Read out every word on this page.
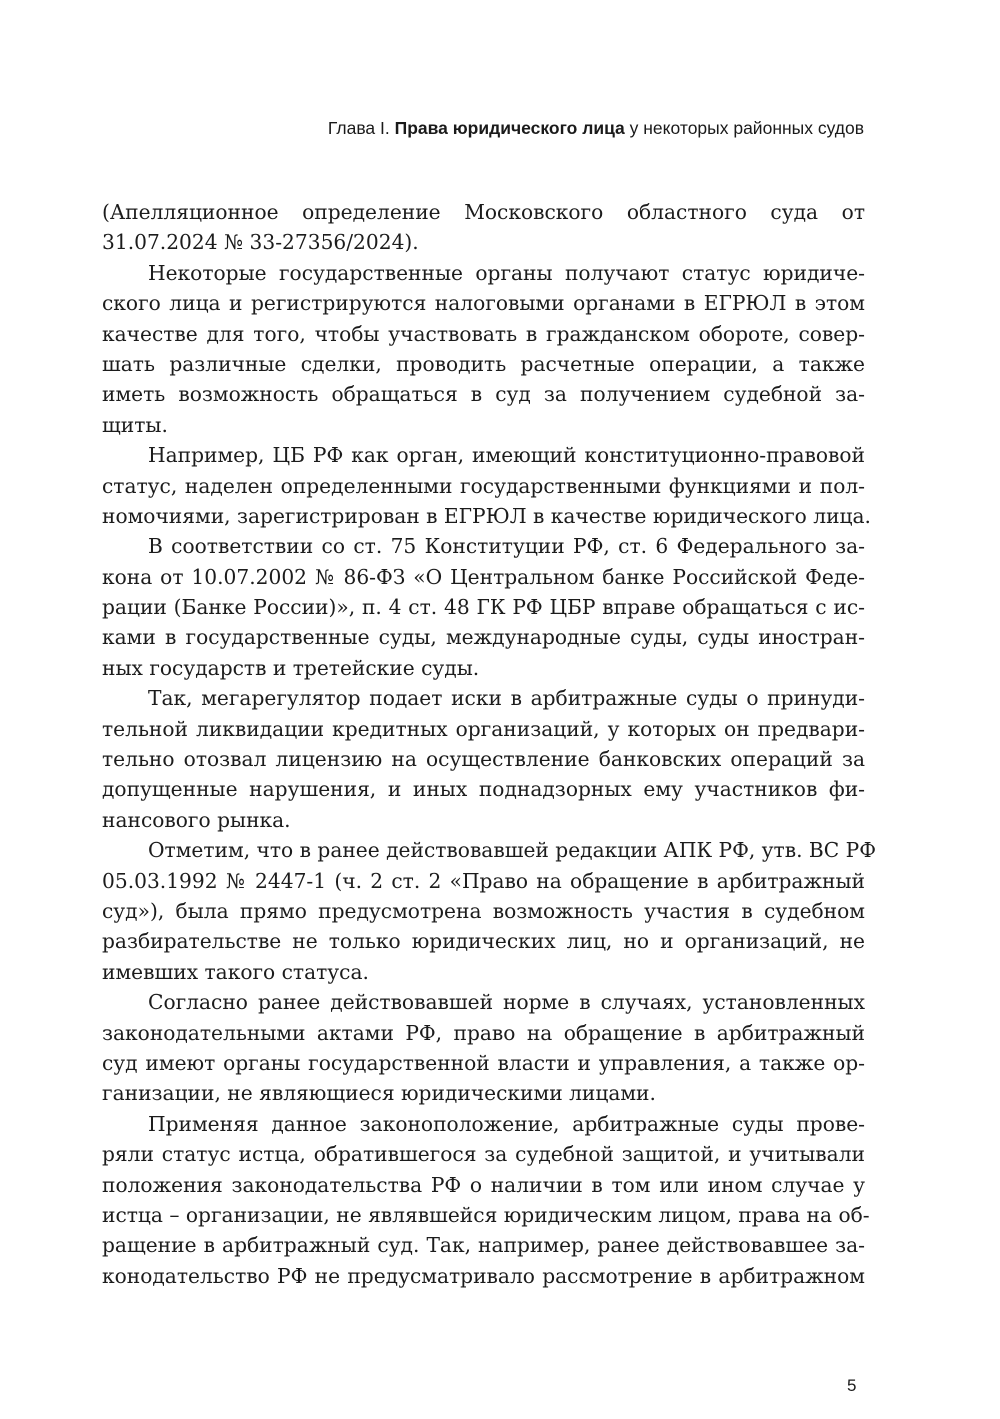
Глава I. Права юридического лица у некоторых районных судов
(Апелляционное определение Московского областного суда от
31.07.2024 № 33-27356/2024).
Некоторые государственные органы получают статус юридиче-
ского лица и регистрируются налоговыми органами в ЕГРЮЛ в этом
качестве для того, чтобы участвовать в гражданском обороте, совер-
шать различные сделки, проводить расчетные операции, а также
иметь возможность обращаться в суд за получением судебной за-
щиты.
Например, ЦБ РФ как орган, имеющий конституционно-правовой
статус, наделен определенными государственными функциями и пол-
номочиями, зарегистрирован в ЕГРЮЛ в качестве юридического лица.
В соответствии со ст. 75 Конституции РФ, ст. 6 Федерального за-
кона от 10.07.2002 № 86-ФЗ «О Центральном банке Российской Феде-
рации (Банке России)», п. 4 ст. 48 ГК РФ ЦБР вправе обращаться с ис-
ками в государственные суды, международные суды, суды иностран-
ных государств и третейские суды.
Так, мегарегулятор подает иски в арбитражные суды о принуди-
тельной ликвидации кредитных организаций, у которых он предвари-
тельно отозвал лицензию на осуществление банковских операций за
допущенные нарушения, и иных поднадзорных ему участников фи-
нансового рынка.
Отметим, что в ранее действовавшей редакции АПК РФ, утв. ВС РФ
05.03.1992 № 2447-1 (ч. 2 ст. 2 «Право на обращение в арбитражный
суд»), была прямо предусмотрена возможность участия в судебном
разбирательстве не только юридических лиц, но и организаций, не
имевших такого статуса.
Согласно ранее действовавшей норме в случаях, установленных
законодательными актами РФ, право на обращение в арбитражный
суд имеют органы государственной власти и управления, а также ор-
ганизации, не являющиеся юридическими лицами.
Применяя данное законоположение, арбитражные суды прове-
ряли статус истца, обратившегося за судебной защитой, и учитывали
положения законодательства РФ о наличии в том или ином случае у
истца – организации, не являвшейся юридическим лицом, права на об-
ращение в арбитражный суд. Так, например, ранее действовавшее за-
конодательство РФ не предусматривало рассмотрение в арбитражном
5
